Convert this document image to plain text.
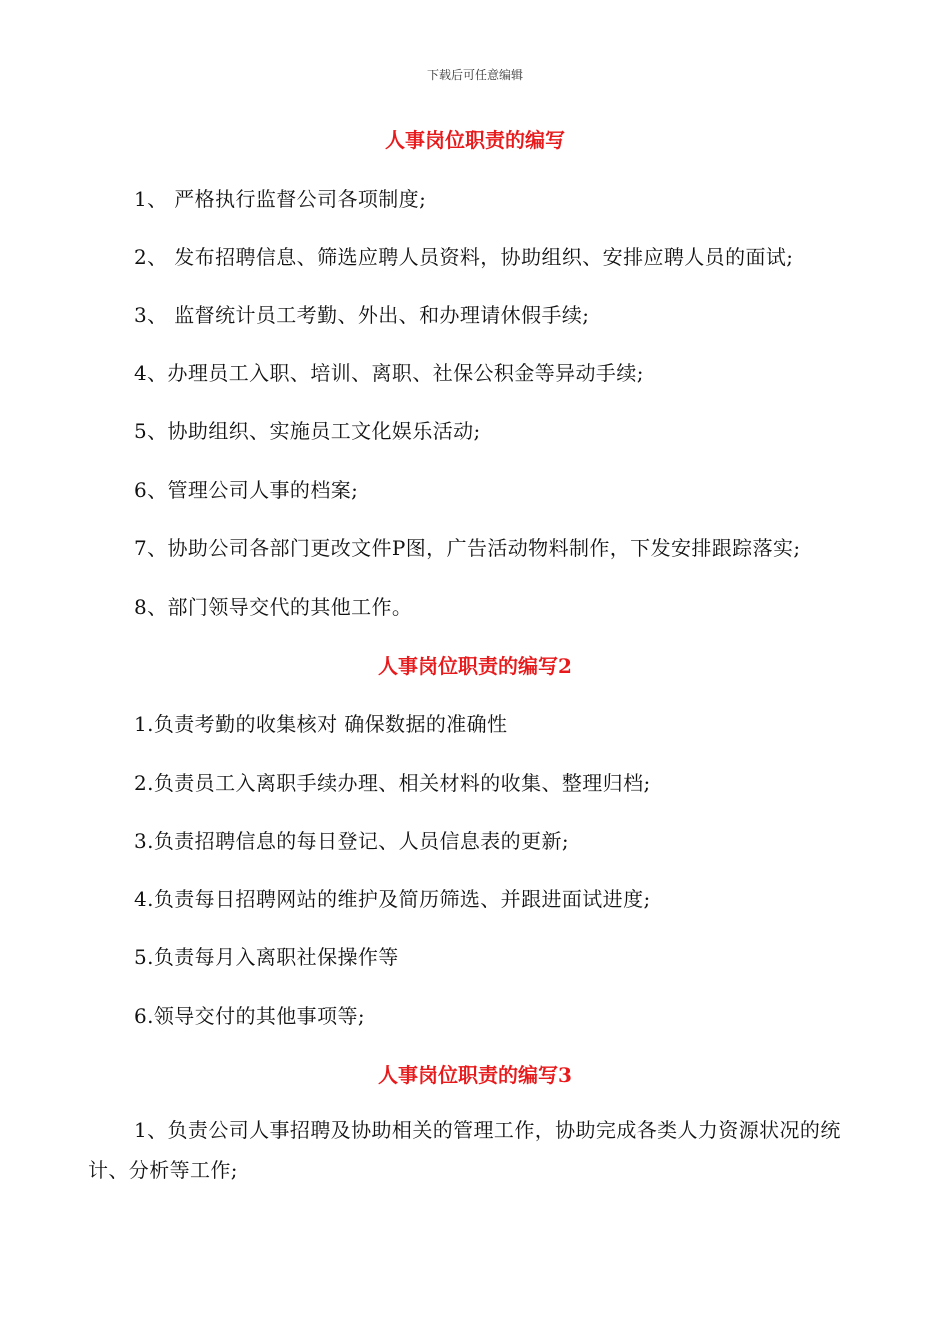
下载后可任意编辑
人事岗位职责的编写
1、 严格执行监督公司各项制度;
2、 发布招聘信息、筛选应聘人员资料，协助组织、安排应聘人员的面试;
3、 监督统计员工考勤、外出、和办理请休假手续;
4、办理员工入职、培训、离职、社保公积金等异动手续;
5、协助组织、实施员工文化娱乐活动;
6、管理公司人事的档案;
7、协助公司各部门更改文件P图，广告活动物料制作，下发安排跟踪落实;
8、部门领导交代的其他工作。
人事岗位职责的编写2
1.负责考勤的收集核对 确保数据的准确性
2.负责员工入离职手续办理、相关材料的收集、整理归档;
3.负责招聘信息的每日登记、人员信息表的更新;
4.负责每日招聘网站的维护及简历筛选、并跟进面试进度;
5.负责每月入离职社保操作等
6.领导交付的其他事项等;
人事岗位职责的编写3
1、负责公司人事招聘及协助相关的管理工作，协助完成各类人力资源状况的统计、分析等工作;
